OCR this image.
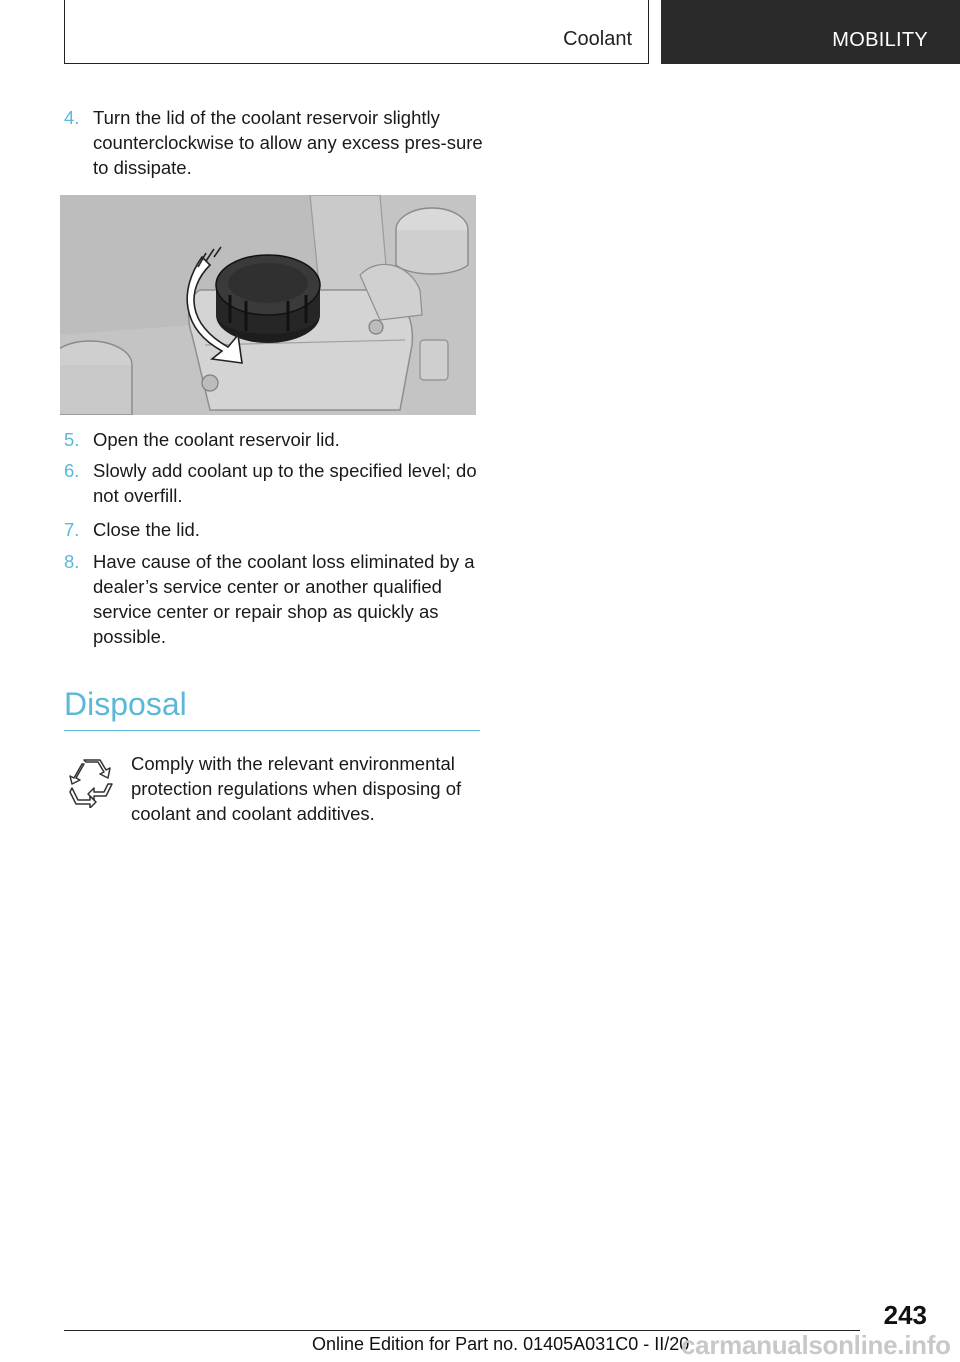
Coolant	MOBILITY
4. Turn the lid of the coolant reservoir slightly counterclockwise to allow any excess pres-sure to dissipate.
5. Open the coolant reservoir lid.
6. Slowly add coolant up to the specified level; do not overfill.
7. Close the lid.
8. Have cause of the coolant loss eliminated by a dealer’s service center or another qualified service center or repair shop as quickly as possible.
Disposal
Comply with the relevant environmental protection regulations when disposing of coolant and coolant additives.
243
Online Edition for Part no. 01405A031C0 - II/20
carmanualsonline.info
